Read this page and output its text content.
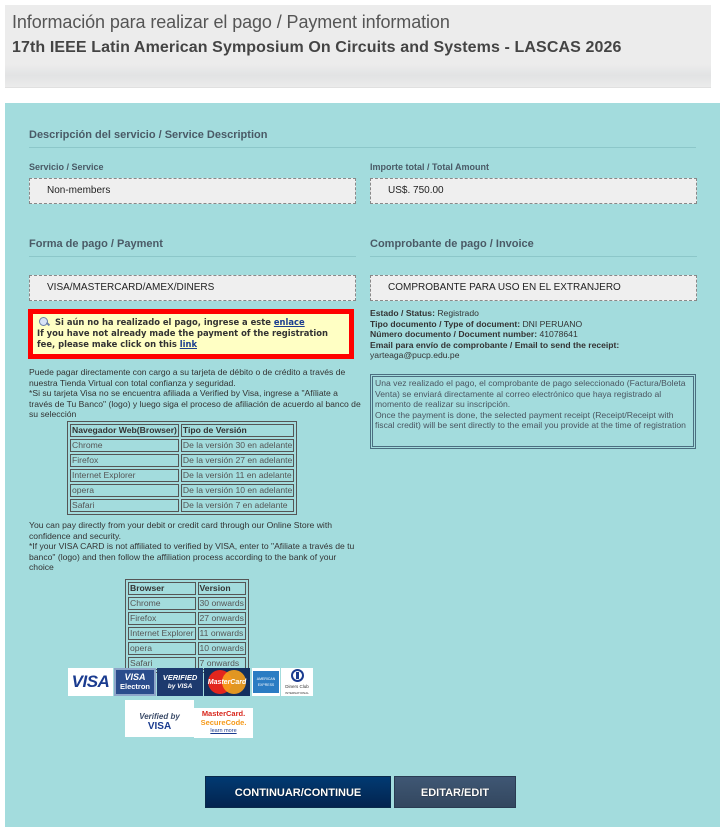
Información para realizar el pago / Payment information
17th IEEE Latin American Symposium On Circuits and Systems - LASCAS 2026
Descripción del servicio / Service Description
Servicio / Service
Non-members
Importe total / Total Amount
US$. 750.00
Forma de pago / Payment	Comprobante de pago / Invoice
VISA/MASTERCARD/AMEX/DINERS	COMPROBANTE PARA USO EN EL EXTRANJERO
Si aún no ha realizado el pago, ingrese a este enlace
If you have not already made the payment of the registration fee, please make click on this link
Puede pagar directamente con cargo a su tarjeta de débito o de crédito a través de nuestra Tienda Virtual con total confianza y seguridad.
*Si su tarjeta Visa no se encuentra afiliada a Verified by Visa, ingrese a "Afíliate a través de Tu Banco" (logo) y luego siga el proceso de afiliación de acuerdo al banco de su selección
Navegador Web(Browser)	Tipo de Versión
Chrome	De la versión 30 en adelante
Firefox	De la versión 27 en adelante
Internet Explorer	De la versión 11 en adelante
opera	De la versión 10 en adelante
Safari	De la versión 7 en adelante
You can pay directly from your debit or credit card through our Online Store with confidence and security.
*If your VISA CARD is not affiliated to verified by VISA, enter to "Afiliate a través de tu banco" (logo) and then follow the affiliation process according to the bank of your choice
Browser	Version
Chrome	30 onwards
Firefox	27 onwards
Internet Explorer	11 onwards
opera	10 onwards
Safari	7 onwards
VISA VISA
Electron
VERIFIED
by VISA
MasterCard	AMERICAN EXPRESS	Diners Club
INTERNATIONAL
Verified by
VISA
MasterCard.
SecureCode.
learn more
Estado / Status: Registrado
Tipo documento / Type of document: DNI PERUANO
Número documento / Document number: 41078641
Email para envío de comprobante / Email to send the receipt:
yarteaga@pucp.edu.pe
Una vez realizado el pago, el comprobante de pago seleccionado (Factura/Boleta Venta) se enviará directamente al correo electrónico que haya registrado al momento de realizar su inscripción.
Once the payment is done, the selected payment receipt (Receipt/Receipt with fiscal credit) will be sent directly to the email you provide at the time of registration
CONTINUAR/CONTINUE	EDITAR/EDIT
